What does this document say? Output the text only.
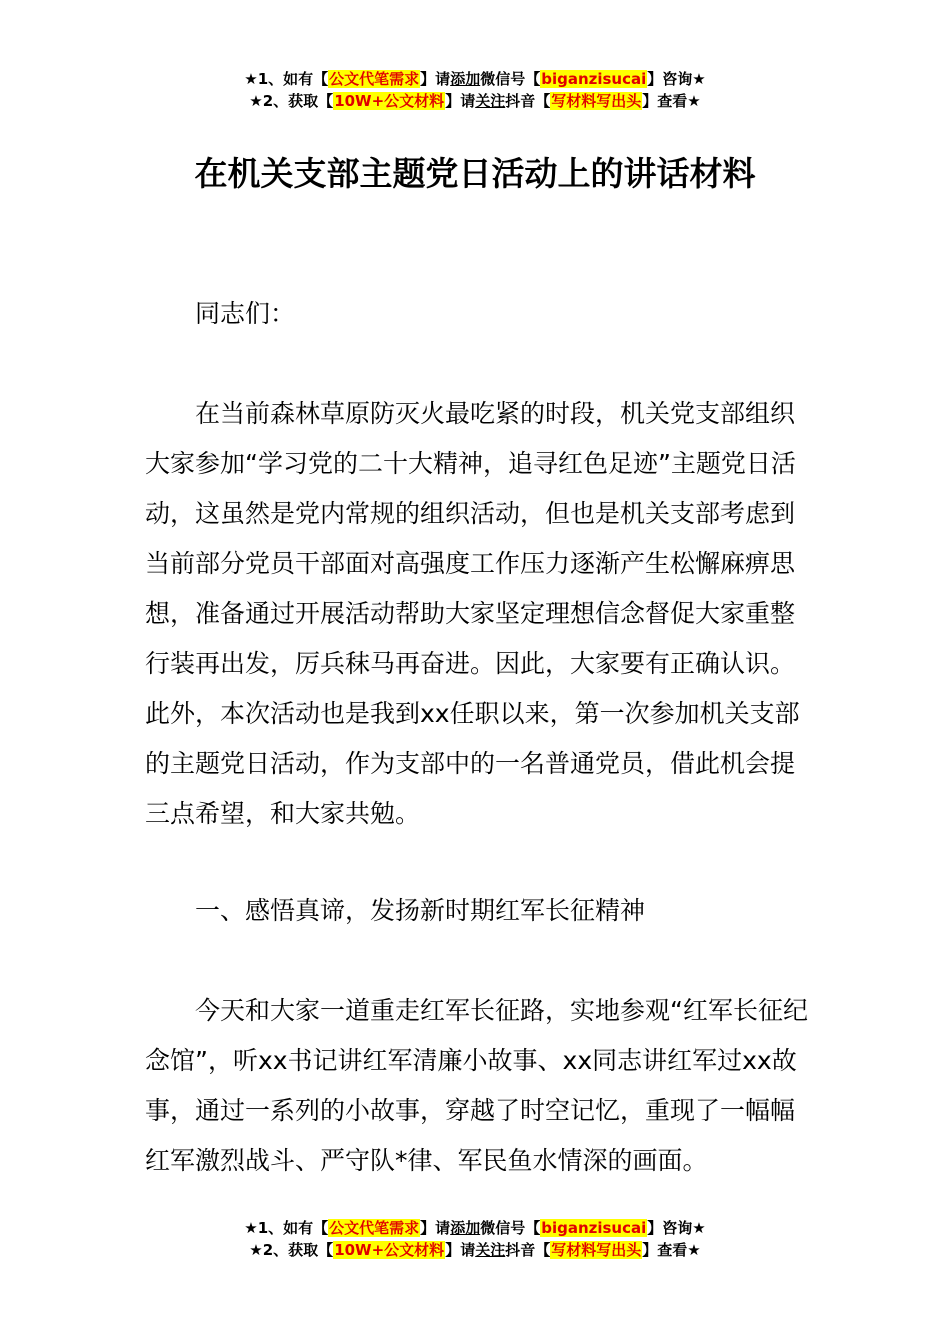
★1、如有【公文代笔需求】请添加微信号【biganzisucai】咨询★
★2、获取【10W+公文材料】请关注抖音【写材料写出头】查看★
在机关支部主题党日活动上的讲话材料

同志们：

在当前森林草原防灭火最吃紧的时段，机关党支部组织大家参加“学习党的二十大精神，追寻红色足迹”主题党日活动，这虽然是党内常规的组织活动，但也是机关支部考虑到当前部分党员干部面对高强度工作压力逐渐产生松懈麻痹思想，准备通过开展活动帮助大家坚定理想信念督促大家重整行装再出发，厉兵秣马再奋进。因此，大家要有正确认识。此外，本次活动也是我到xx任职以来，第一次参加机关支部的主题党日活动，作为支部中的一名普通党员，借此机会提三点希望，和大家共勉。

一、感悟真谛，发扬新时期红军长征精神

今天和大家一道重走红军长征路，实地参观“红军长征纪念馆”，听xx书记讲红军清廉小故事、xx同志讲红军过xx故事，通过一系列的小故事，穿越了时空记忆，重现了一幅幅红军激烈战斗、严守队*律、军民鱼水情深的画面。

★1、如有【公文代笔需求】请添加微信号【biganzisucai】咨询★
★2、获取【10W+公文材料】请关注抖音【写材料写出头】查看★
